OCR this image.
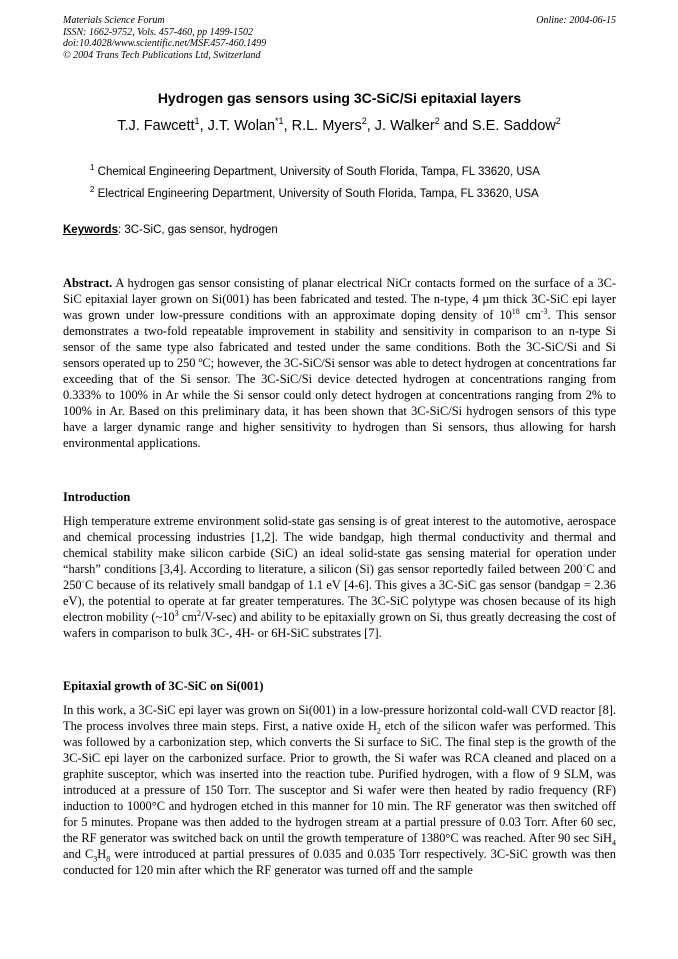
Materials Science Forum
ISSN: 1662-9752, Vols. 457-460, pp 1499-1502
doi:10.4028/www.scientific.net/MSF.457-460.1499
© 2004 Trans Tech Publications Ltd, Switzerland
Online: 2004-06-15
Hydrogen gas sensors using 3C-SiC/Si epitaxial layers
T.J. Fawcett$^1$, J.T. Wolan$^{*1}$, R.L. Myers$^2$, J. Walker$^2$ and S.E. Saddow$^2$
$^1$ Chemical Engineering Department, University of South Florida, Tampa, FL 33620, USA
$^2$ Electrical Engineering Department, University of South Florida, Tampa, FL 33620, USA
Keywords: 3C-SiC, gas sensor, hydrogen
Abstract. A hydrogen gas sensor consisting of planar electrical NiCr contacts formed on the surface of a 3C-SiC epitaxial layer grown on Si(001) has been fabricated and tested. The n-type, 4 µm thick 3C-SiC epi layer was grown under low-pressure conditions with an approximate doping density of $10^{18}$ $cm^{-3}$. This sensor demonstrates a two-fold repeatable improvement in stability and sensitivity in comparison to an n-type Si sensor of the same type also fabricated and tested under the same conditions. Both the 3C-SiC/Si and Si sensors operated up to 250 ºC; however, the 3C-SiC/Si sensor was able to detect hydrogen at concentrations far exceeding that of the Si sensor. The 3C-SiC/Si device detected hydrogen at concentrations ranging from 0.333% to 100% in Ar while the Si sensor could only detect hydrogen at concentrations ranging from 2% to 100% in Ar. Based on this preliminary data, it has been shown that 3C-SiC/Si hydrogen sensors of this type have a larger dynamic range and higher sensitivity to hydrogen than Si sensors, thus allowing for harsh environmental applications.
Introduction
High temperature extreme environment solid-state gas sensing is of great interest to the automotive, aerospace and chemical processing industries [1,2]. The wide bandgap, high thermal conductivity and thermal and chemical stability make silicon carbide (SiC) an ideal solid-state gas sensing material for operation under “harsh” conditions [3,4]. According to literature, a silicon (Si) gas sensor reportedly failed between 200◦C and 250◦C because of its relatively small bandgap of 1.1 eV [4-6]. This gives a 3C-SiC gas sensor (bandgap = 2.36 eV), the potential to operate at far greater temperatures. The 3C-SiC polytype was chosen because of its high electron mobility ($\sim 10^3$ $cm^2/V-\sec$) and ability to be epitaxially grown on Si, thus greatly decreasing the cost of wafers in comparison to bulk 3C-, 4H- or 6H-SiC substrates [7].
Epitaxial growth of 3C-SiC on Si(001)
In this work, a 3C-SiC epi layer was grown on Si(001) in a low-pressure horizontal cold-wall CVD reactor [8]. The process involves three main steps. First, a native oxide $H_2$ etch of the silicon wafer was performed. This was followed by a carbonization step, which converts the Si surface to SiC. The final step is the growth of the 3C-SiC epi layer on the carbonized surface. Prior to growth, the Si wafer was RCA cleaned and placed on a graphite susceptor, which was inserted into the reaction tube. Purified hydrogen, with a flow of 9 SLM, was introduced at a pressure of 150 Torr. The susceptor and Si wafer were then heated by radio frequency (RF) induction to 1000°C and hydrogen etched in this manner for 10 min. The RF generator was then switched off for 5 minutes. Propane was then added to the hydrogen stream at a partial pressure of 0.03 Torr. After 60 sec, the RF generator was switched back on until the growth temperature of 1380°C was reached. After 90 sec SiH$_4$ and $C_3H_8$ were introduced at partial pressures of 0.035 and 0.035 Torr respectively. 3C-SiC growth was then conducted for 120 min after which the RF generator was turned off and the sample
